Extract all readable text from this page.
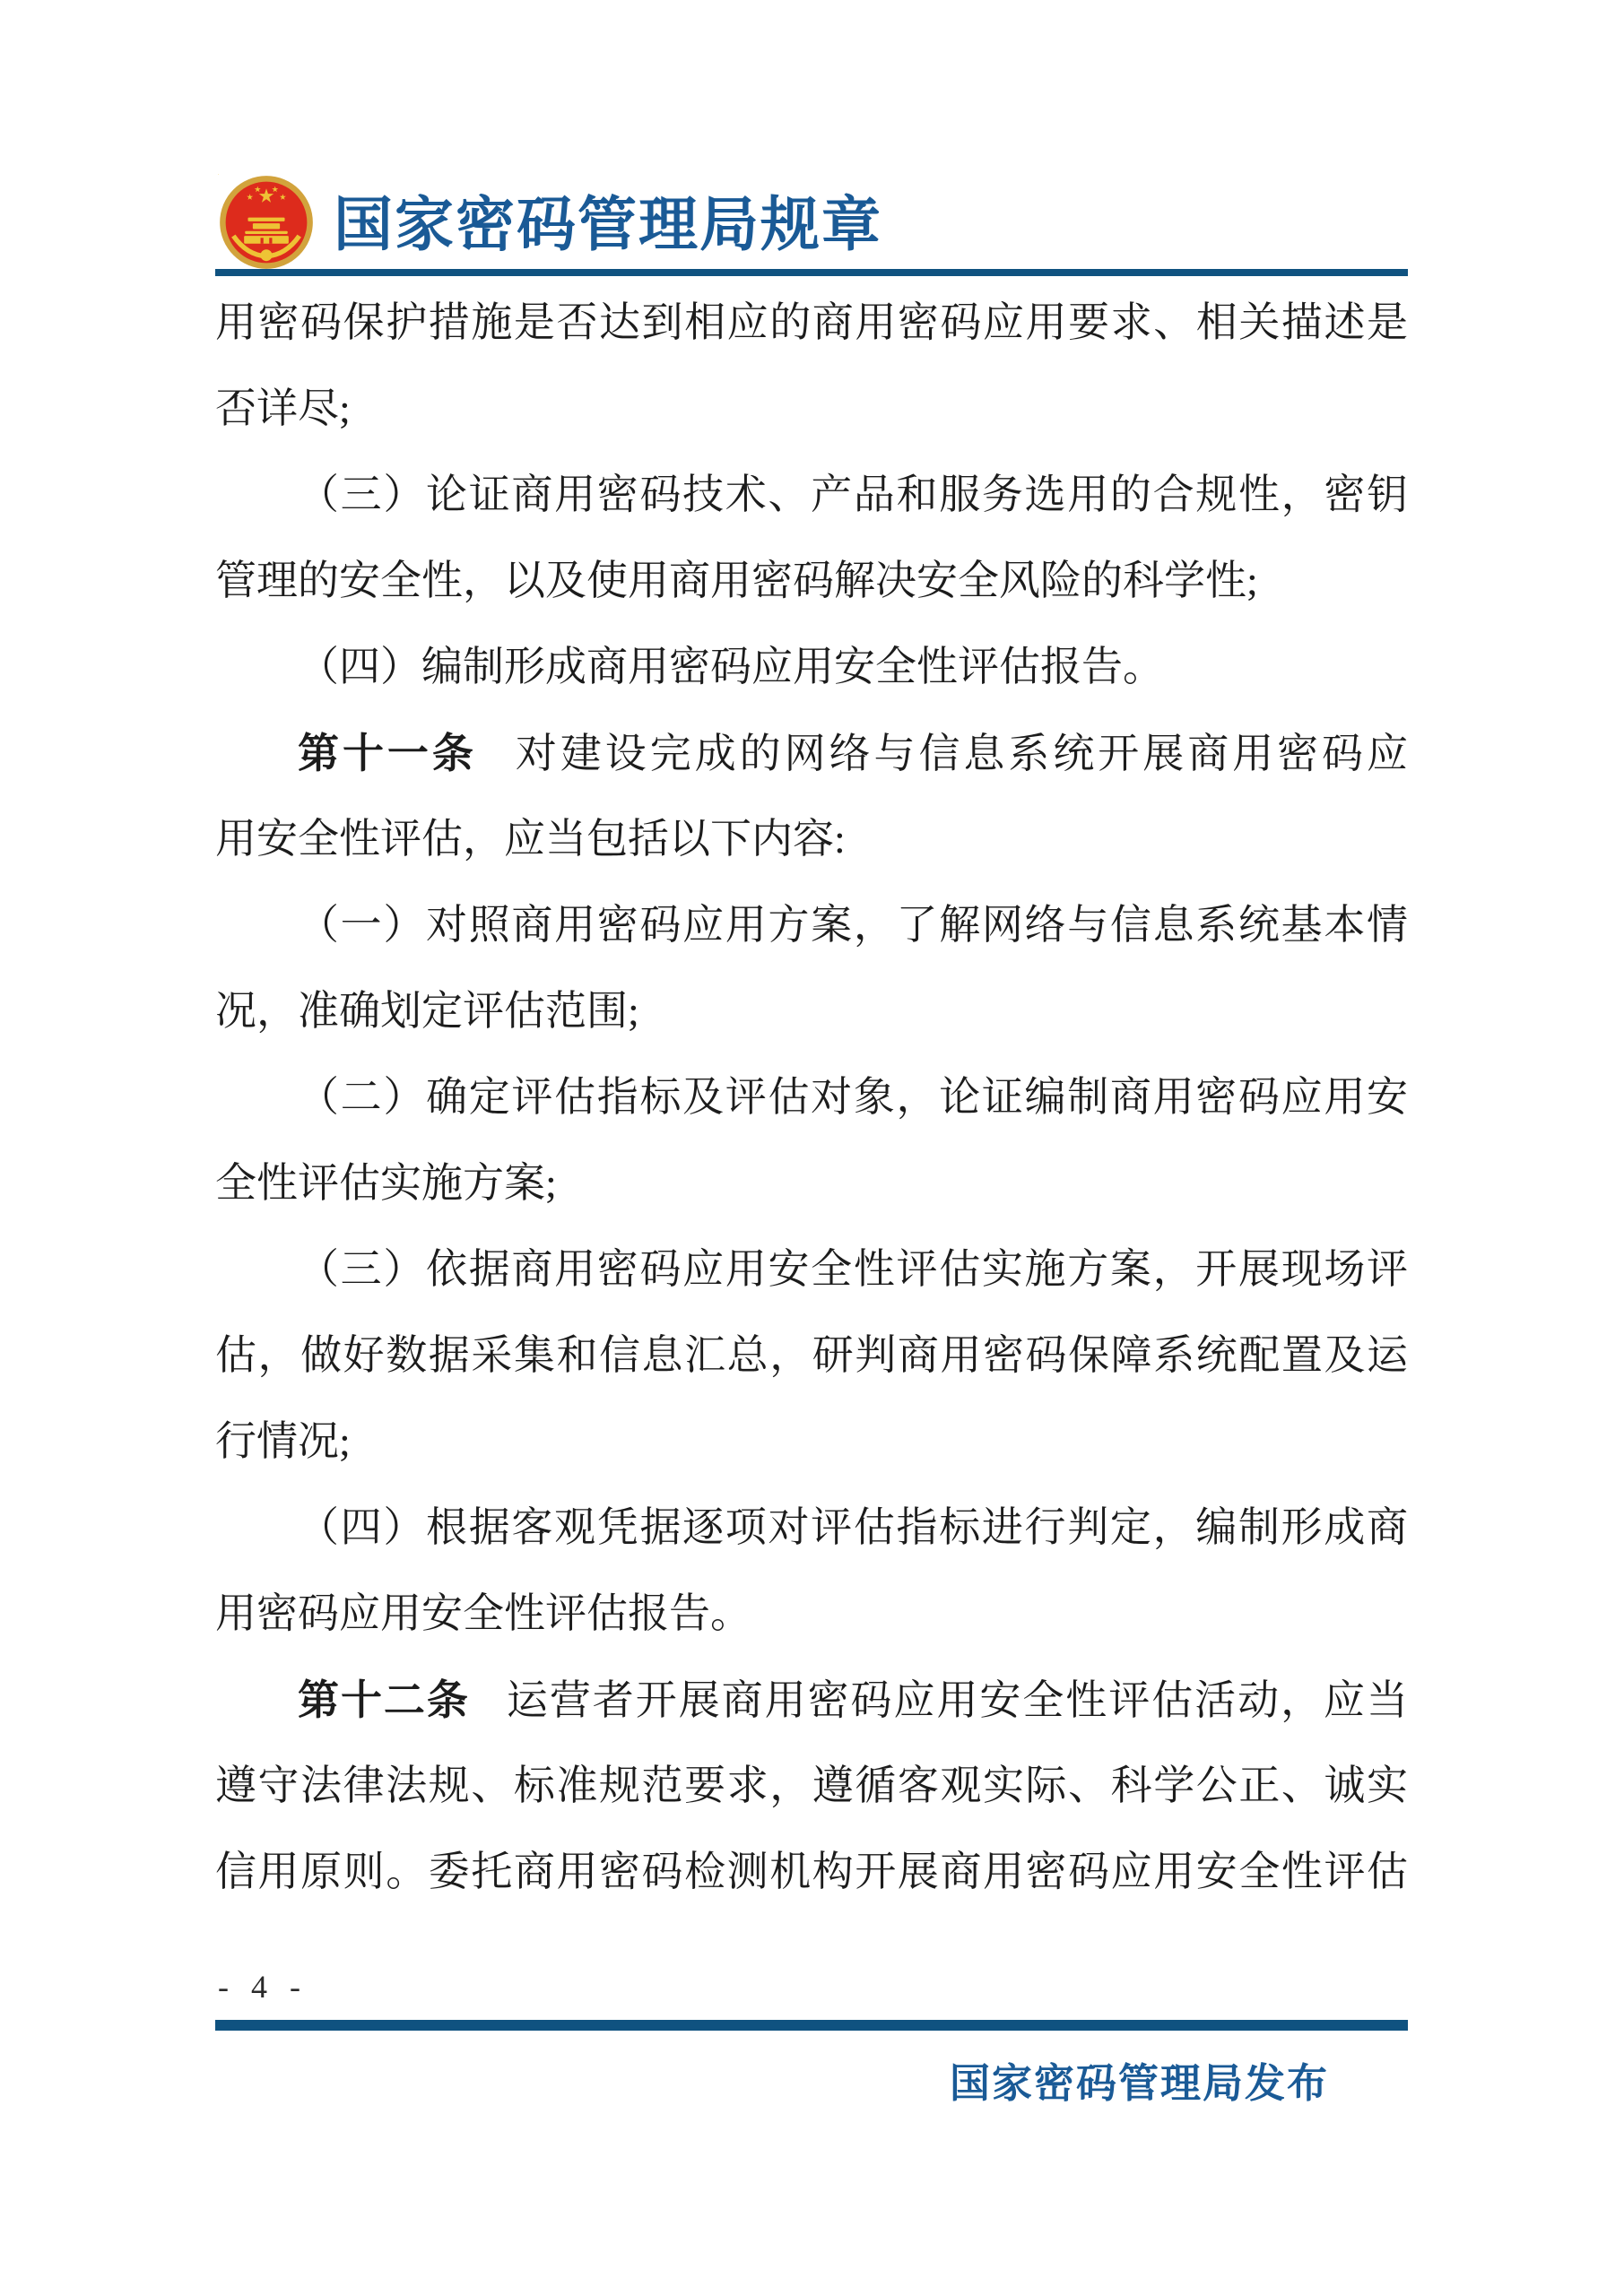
国家密码管理局规章
用密码保护措施是否达到相应的商用密码应用要求、相关描述是
否详尽;
（三）论证商用密码技术、产品和服务选用的合规性，密钥
管理的安全性，以及使用商用密码解决安全风险的科学性;
（四）编制形成商用密码应用安全性评估报告。
第十一条 对建设完成的网络与信息系统开展商用密码应
用安全性评估，应当包括以下内容:
（一）对照商用密码应用方案，了解网络与信息系统基本情
况，准确划定评估范围;
（二）确定评估指标及评估对象，论证编制商用密码应用安
全性评估实施方案;
（三）依据商用密码应用安全性评估实施方案，开展现场评
估，做好数据采集和信息汇总，研判商用密码保障系统配置及运
行情况;
（四）根据客观凭据逐项对评估指标进行判定，编制形成商
用密码应用安全性评估报告。
第十二条 运营者开展商用密码应用安全性评估活动，应当
遵守法律法规、标准规范要求，遵循客观实际、科学公正、诚实
信用原则。委托商用密码检测机构开展商用密码应用安全性评估
- 4 -
国家密码管理局发布
